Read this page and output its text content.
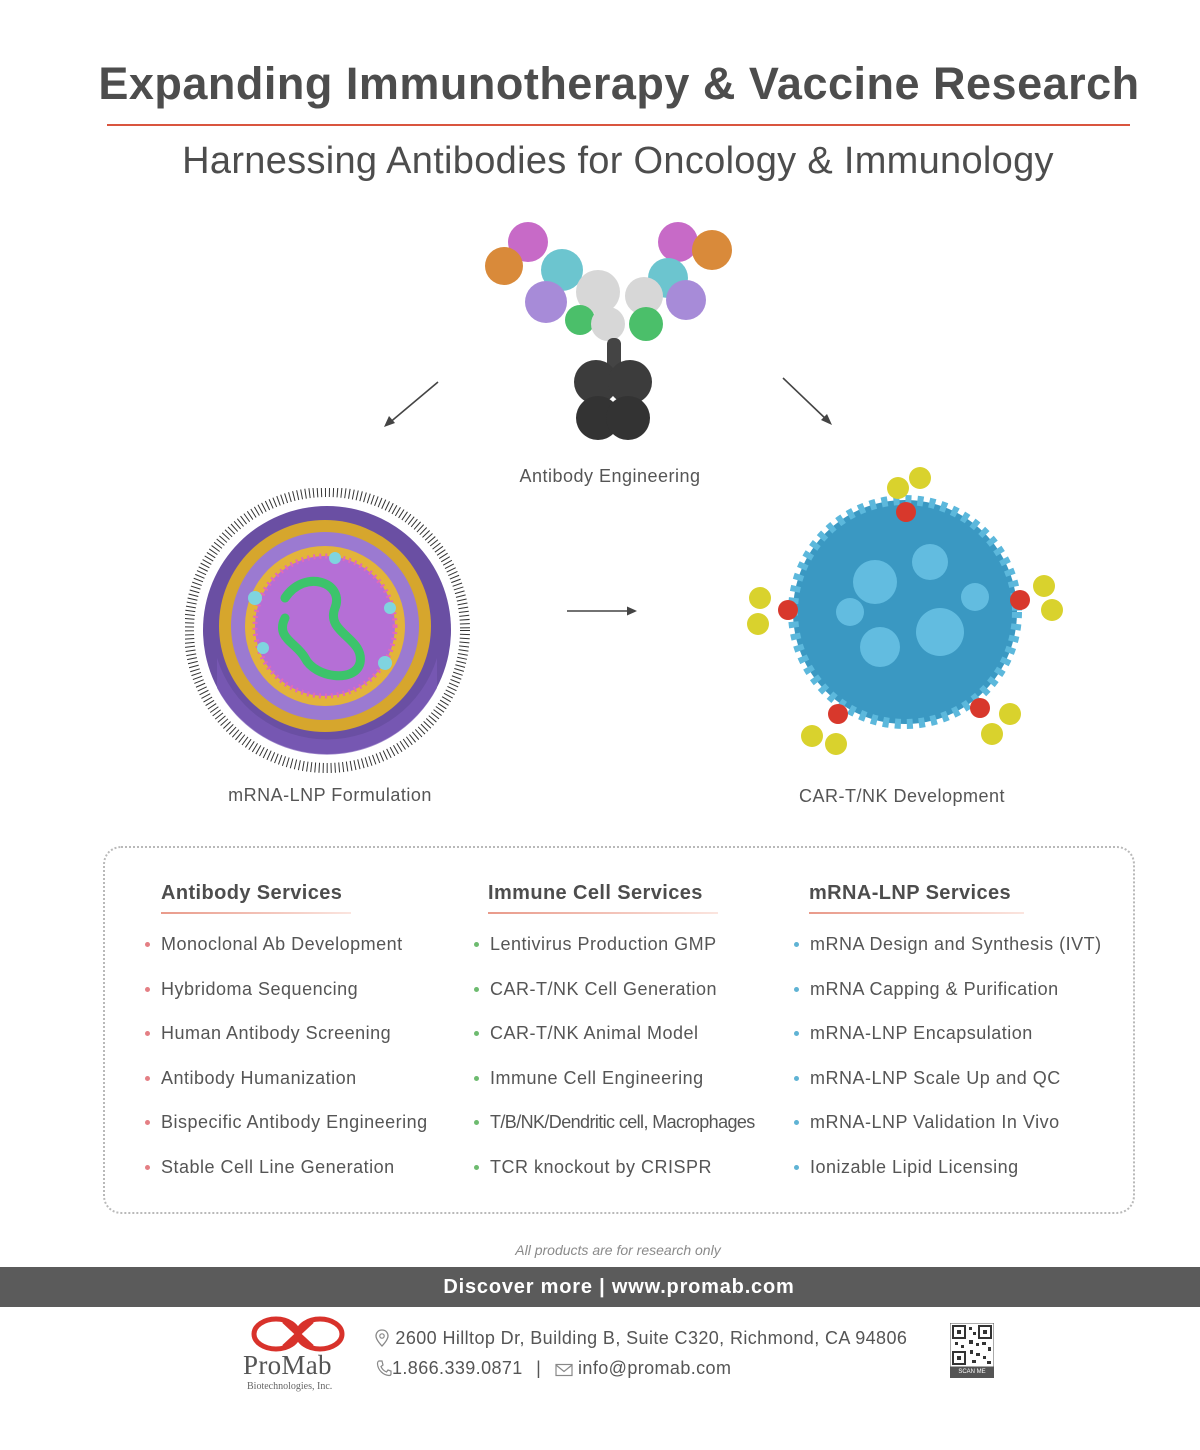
Expanding Immunotherapy & Vaccine Research
Harnessing Antibodies for Oncology & Immunology
Antibody Engineering
mRNA-LNP Formulation	CAR-T/NK Development
Antibody Services
Monoclonal Ab Development
Hybridoma Sequencing
Human Antibody Screening
Antibody Humanization
Bispecific Antibody Engineering
Stable Cell Line Generation
Immune Cell Services
Lentivirus Production GMP
CAR-T/NK Cell Generation
CAR-T/NK Animal Model
Immune Cell Engineering
T/B/NK/Dendritic cell, Macrophages
TCR knockout by CRISPR
mRNA-LNP Services
mRNA Design and Synthesis (IVT)
mRNA Capping & Purification
mRNA-LNP Encapsulation
mRNA-LNP Scale Up and QC
mRNA-LNP Validation In Vivo
Ionizable Lipid Licensing
All products are for research only
Discover more | www.promab.com
ProMab
Biotechnologies, Inc.
2600 Hilltop Dr, Building B, Suite C320, Richmond, CA 94806
1.866.339.0871 | info@promab.com	SCAN ME
